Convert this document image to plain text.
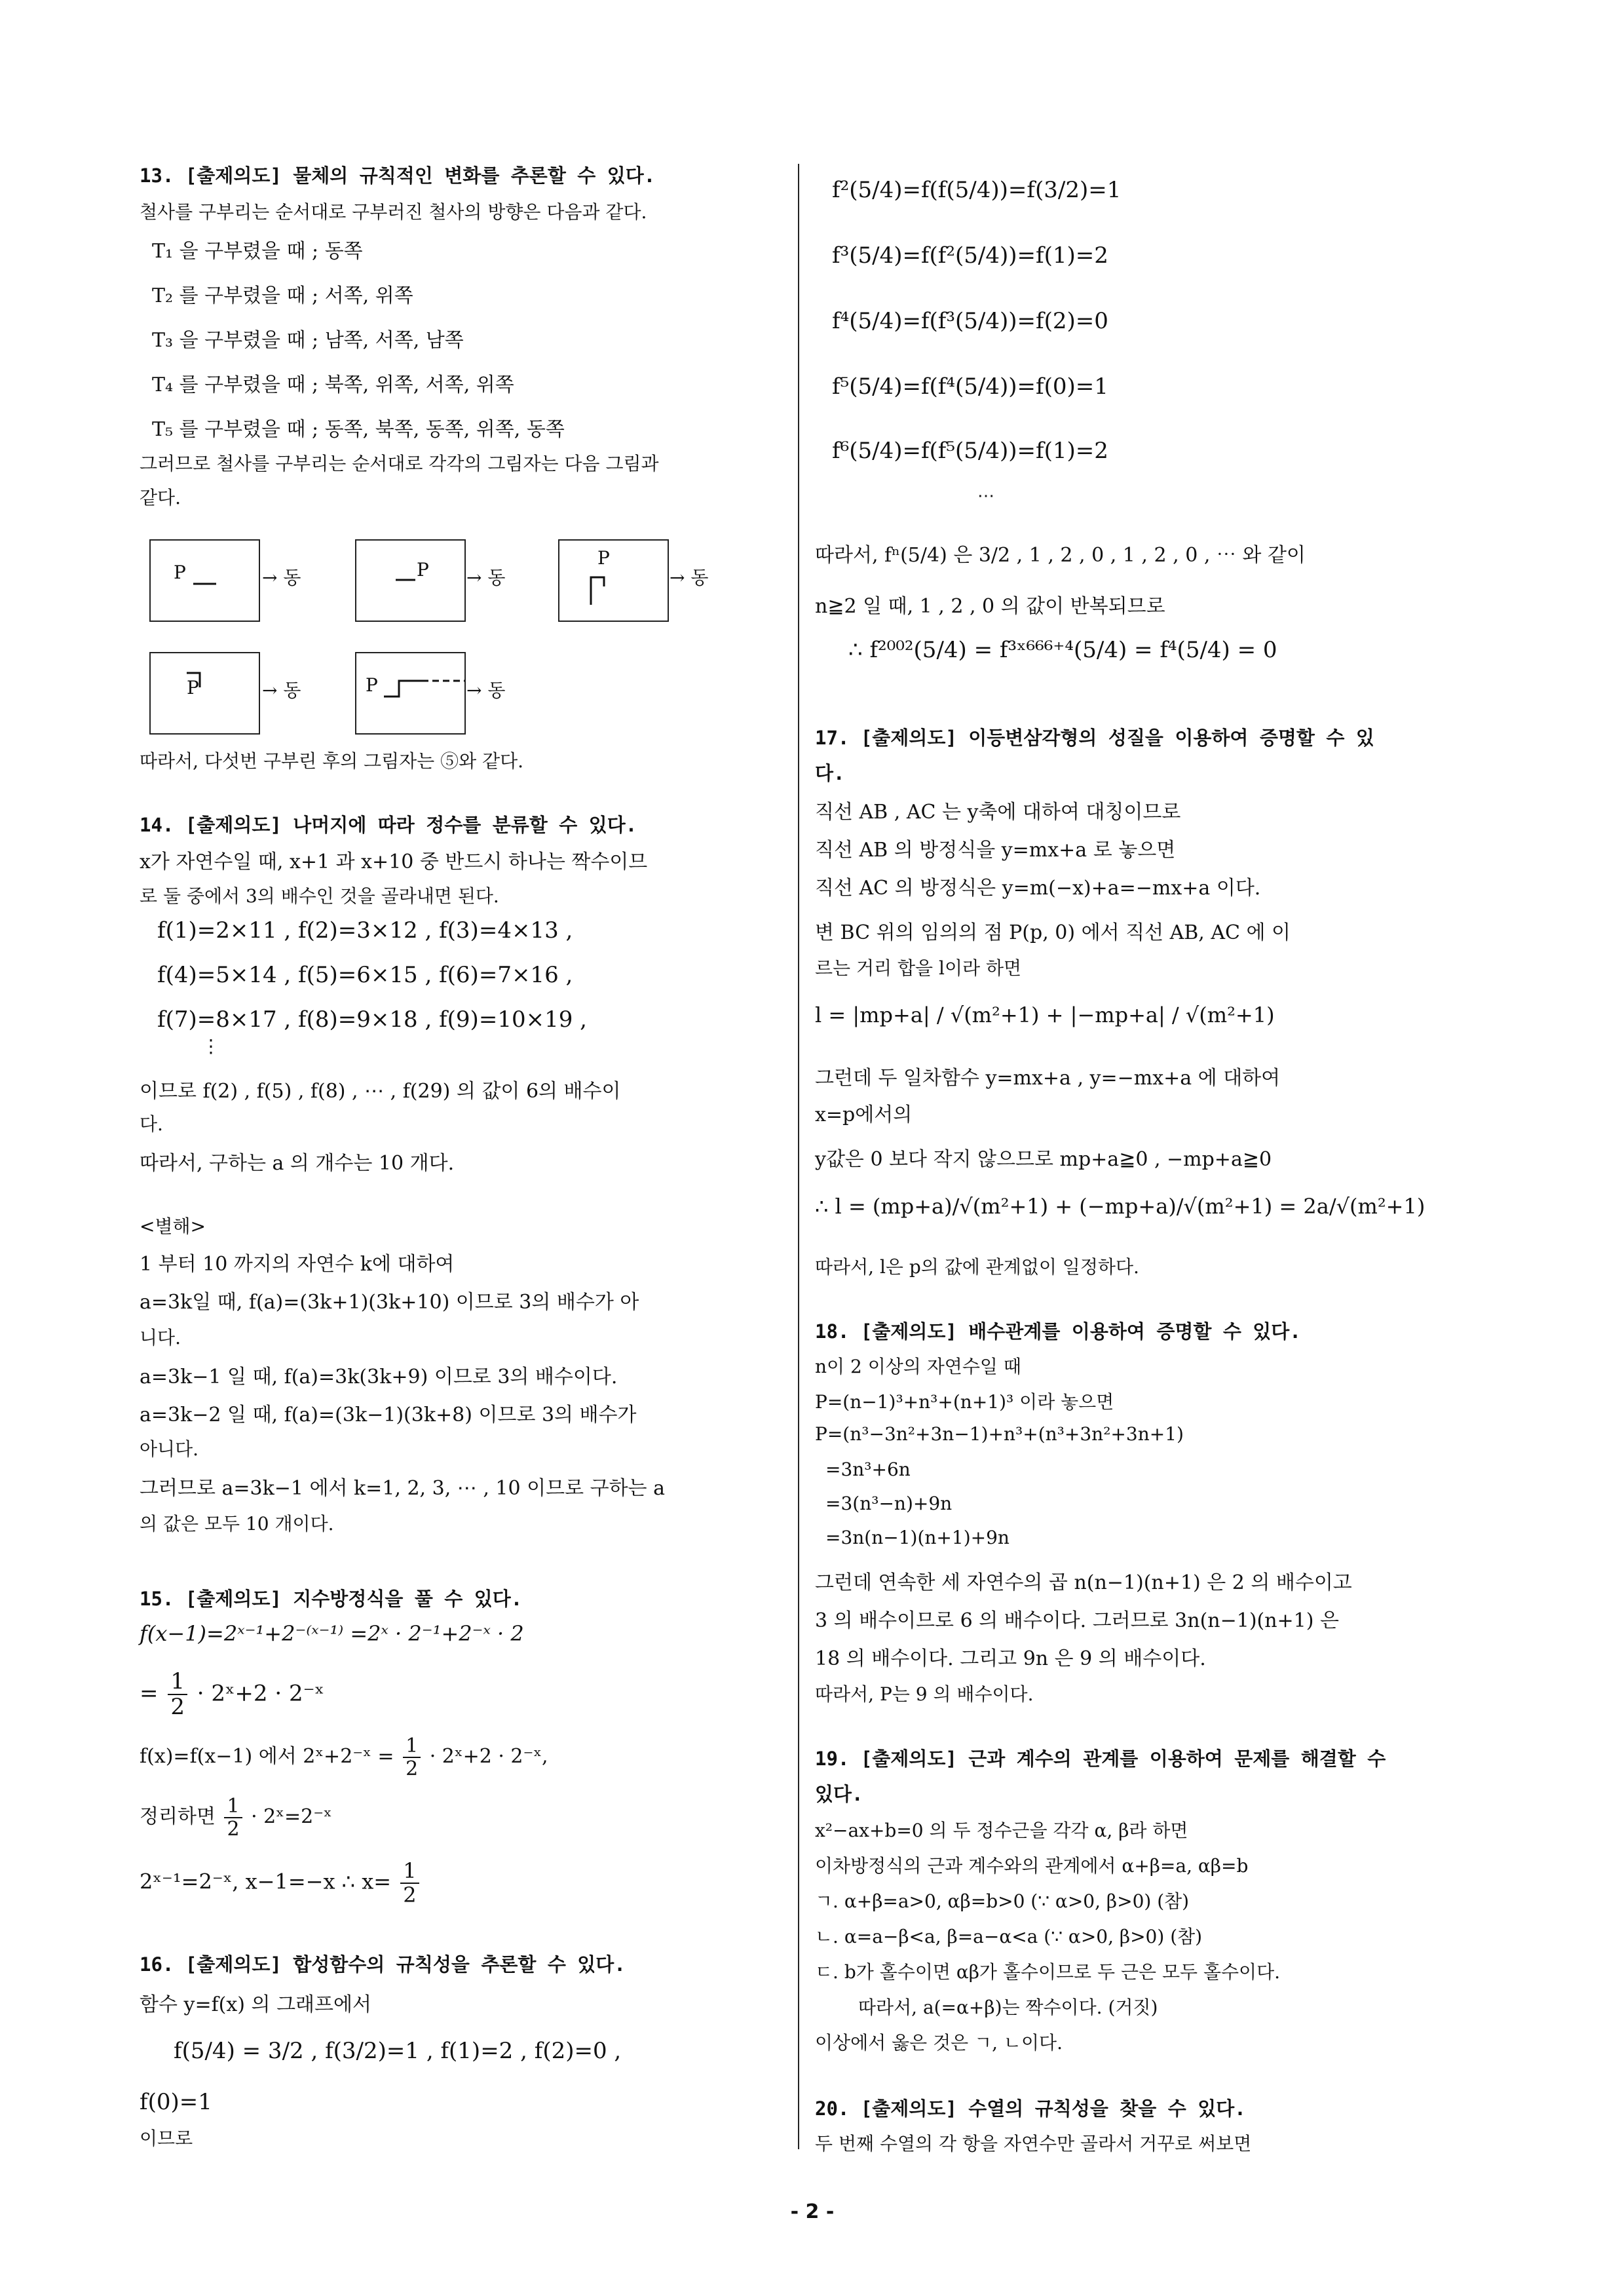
13. [출제의도] 물체의 규칙적인 변화를 추론할 수 있다.
철사를 구부리는 순서대로 구부러진 철사의 방향은 다음과 같다.
T₁ 을 구부렸을 때 ; 동쪽
T₂ 를 구부렸을 때 ; 서쪽, 위쪽
T₃ 을 구부렸을 때 ; 남쪽, 서쪽, 남쪽
T₄ 를 구부렸을 때 ; 북쪽, 위쪽, 서쪽, 위쪽
T₅ 를 구부렸을 때 ; 동쪽, 북쪽, 동쪽, 위쪽, 동쪽
그러므로 철사를 구부리는 순서대로 각각의 그림자는 다음 그림과
같다.
P	→ 동	P → 동
P
→ 동
P	→ 동	P	→ 동
따라서, 다섯번 구부린 후의 그림자는 ⑤와 같다.
14. [출제의도] 나머지에 따라 정수를 분류할 수 있다.
x가 자연수일 때, x+1 과 x+10 중 반드시 하나는 짝수이므
로 둘 중에서 3의 배수인 것을 골라내면 된다.
f(1)=2×11 , f(2)=3×12 , f(3)=4×13 ,
f(4)=5×14 , f(5)=6×15 , f(6)=7×16 ,
f(7)=8×17 , f(8)=9×18 , f(9)=10×19 ,
⋮
이므로 f(2) , f(5) , f(8) , ⋯ , f(29) 의 값이 6의 배수이
다.
따라서, 구하는 a 의 개수는 10 개다.
<별해>
1 부터 10 까지의 자연수 k에 대하여
a=3k일 때, f(a)=(3k+1)(3k+10) 이므로 3의 배수가 아
니다.
a=3k−1 일 때, f(a)=3k(3k+9) 이므로 3의 배수이다.
a=3k−2 일 때, f(a)=(3k−1)(3k+8) 이므로 3의 배수가
아니다.
그러므로 a=3k−1 에서 k=1, 2, 3, ⋯ , 10 이므로 구하는 a
의 값은 모두 10 개이다.
15. [출제의도] 지수방정식을 풀 수 있다.
f(x−1)=2ˣ⁻¹+2⁻⁽ˣ⁻¹⁾ =2ˣ · 2⁻¹+2⁻ˣ · 2
= $\frac{1}{2}$ · 2ˣ+2 · 2⁻ˣ
f(x)=f(x−1) 에서 2ˣ+2⁻ˣ = $\frac{1}{2}$ · 2ˣ+2 · 2⁻ˣ,
정리하면 $\frac{1}{2}$ · 2ˣ=2⁻ˣ
2ˣ⁻¹=2⁻ˣ, x−1=−x ∴ $x= \frac{1}{2}$
16. [출제의도] 합성함수의 규칙성을 추론할 수 있다.
함수 y=f(x) 의 그래프에서
f(5/4) = 3/2 , f(3/2)=1 , f(1)=2 , f(2)=0 ,
f(0)=1
이므로
f²(5/4)=f(f(5/4))=f(3/2)=1
f³(5/4)=f(f²(5/4))=f(1)=2
f⁴(5/4)=f(f³(5/4))=f(2)=0
f⁵(5/4)=f(f⁴(5/4))=f(0)=1
f⁶(5/4)=f(f⁵(5/4))=f(1)=2
⋯
따라서, fⁿ(5/4) 은 3/2 , 1 , 2 , 0 , 1 , 2 , 0 , ⋯ 와 같이
n≧2 일 때, 1 , 2 , 0 의 값이 반복되므로
∴ f²⁰⁰²(5/4) = f³ˣ⁶⁶⁶⁺⁴(5/4) = f⁴(5/4) = 0
17. [출제의도] 이등변삼각형의 성질을 이용하여 증명할 수 있
다.
직선 AB , AC 는 y축에 대하여 대칭이므로
직선 AB 의 방정식을 y=mx+a 로 놓으면
직선 AC 의 방정식은 y=m(−x)+a=−mx+a 이다.
변 BC 위의 임의의 점 P(p, 0) 에서 직선 AB, AC 에 이
르는 거리 합을 l이라 하면
l = |mp+a| / √(m²+1) + |−mp+a| / √(m²+1)
그런데 두 일차함수 y=mx+a , y=−mx+a 에 대하여
x=p에서의
y값은 0 보다 작지 않으므로 mp+a≧0 , −mp+a≧0
∴ l = (mp+a)/√(m²+1) + (−mp+a)/√(m²+1) = 2a/√(m²+1)
따라서, l은 p의 값에 관계없이 일정하다.
18. [출제의도] 배수관계를 이용하여 증명할 수 있다.
n이 2 이상의 자연수일 때
P=(n−1)³+n³+(n+1)³ 이라 놓으면
P=(n³−3n²+3n−1)+n³+(n³+3n²+3n+1)
=3n³+6n
=3(n³−n)+9n
=3n(n−1)(n+1)+9n
그런데 연속한 세 자연수의 곱 n(n−1)(n+1) 은 2 의 배수이고
3 의 배수이므로 6 의 배수이다. 그러므로 3n(n−1)(n+1) 은
18 의 배수이다. 그리고 9n 은 9 의 배수이다.
따라서, P는 9 의 배수이다.
19. [출제의도] 근과 계수의 관계를 이용하여 문제를 해결할 수
있다.
x²−ax+b=0 의 두 정수근을 각각 α, β라 하면
이차방정식의 근과 계수와의 관계에서 α+β=a, αβ=b
ㄱ. α+β=a>0, αβ=b>0 (∵ α>0, β>0) (참)
ㄴ. α=a−β<a, β=a−α<a (∵ α>0, β>0) (참)
ㄷ. b가 홀수이면 αβ가 홀수이므로 두 근은 모두 홀수이다.
따라서, a(=α+β)는 짝수이다. (거짓)
이상에서 옳은 것은 ㄱ, ㄴ이다.
20. [출제의도] 수열의 규칙성을 찾을 수 있다.
두 번째 수열의 각 항을 자연수만 골라서 거꾸로 써보면
- 2 -
